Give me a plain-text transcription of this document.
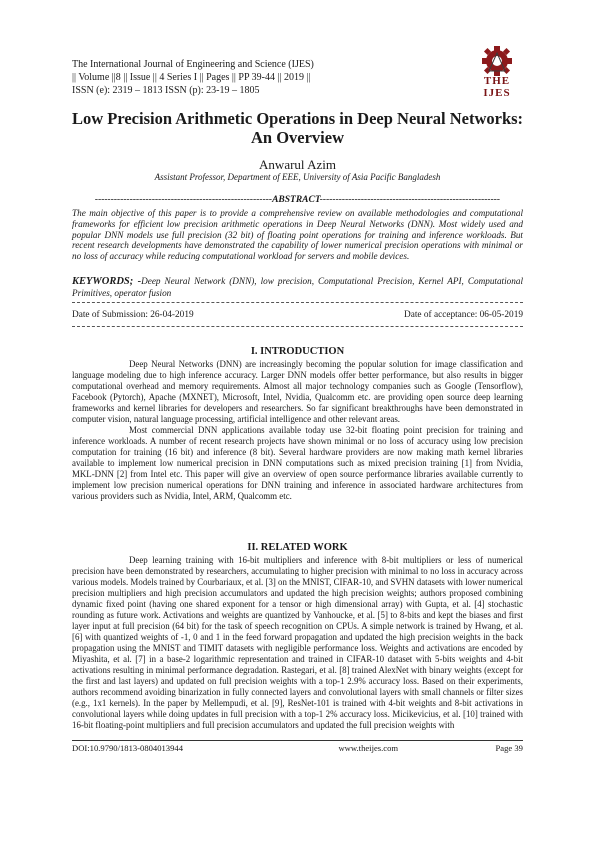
The International Journal of Engineering and Science (IJES)
|| Volume ||8 || Issue || 4 Series I || Pages || PP 39-44 || 2019 ||
ISSN (e): 2319 – 1813 ISSN (p): 23-19 – 1805
THE IJES
Low Precision Arithmetic Operations in Deep Neural Networks:
An Overview
Anwarul Azim
Assistant Professor, Department of EEE, University of Asia Pacific Bangladesh
--------------------------------------------------------ABSTRACT---------------------------------------------------------
The main objective of this paper is to provide a comprehensive review on available methodologies and computational frameworks for efficient low precision arithmetic operations in Deep Neural Networks (DNN). Most widely used and popular DNN models use full precision (32 bit) of floating point operations for training and inference workloads. But recent research developments have demonstrated the capability of lower numerical precision operations with minimal or no loss of accuracy while reducing computational workload for servers and mobile devices.
KEYWORDS; -Deep Neural Network (DNN), low precision, Computational Precision, Kernel API, Computational Primitives, operator fusion
Date of Submission: 26-04-2019	Date of acceptance: 06-05-2019
I. INTRODUCTION

Deep Neural Networks (DNN) are increasingly becoming the popular solution for image classification and language modeling due to high inference accuracy. Larger DNN models offer better performance, but also results in bigger computational overhead and memory requirements. Almost all major technology companies such as Google (Tensorflow), Facebook (Pytorch), Apache (MXNET), Microsoft, Intel, Nvidia, Qualcomm etc. are providing open source deep learning frameworks and kernel libraries for developers and researchers. So far significant breakthroughs have been demonstrated in computer vision, natural language processing, artificial intelligence and other relevant areas.

Most commercial DNN applications available today use 32-bit floating point precision for training and inference workloads. A number of recent research projects have shown minimal or no loss of accuracy using low precision computation for training (16 bit) and inference (8 bit). Several hardware providers are now making math kernel libraries available to implement low numerical precision in DNN computations such as mixed precision training [1] from Nvidia, MKL-DNN [2] from Intel etc. This paper will give an overview of open source performance libraries available currently to implement low precision numerical operations for DNN training and inference in associated hardware architectures from various providers such as Nvidia, Intel, ARM, Qualcomm etc.

II. RELATED WORK

Deep learning training with 16-bit multipliers and inference with 8-bit multipliers or less of numerical precision have been demonstrated by researchers, accumulating to higher precision with minimal to no loss in accuracy across various models. Models trained by Courbariaux, et al. [3] on the MNIST, CIFAR-10, and SVHN datasets with lower numerical precision multipliers and high precision accumulators and updated the high precision weights; authors proposed combining dynamic fixed point (having one shared exponent for a tensor or high dimensional array) with Gupta, et al. [4] stochastic rounding as future work. Activations and weights are quantized by Vanhoucke, et al. [5] to 8-bits and kept the biases and first layer input at full precision (64 bit) for the task of speech recognition on CPUs. A simple network is trained by Hwang, et al. [6] with quantized weights of -1, 0 and 1 in the feed forward propagation and updated the high precision weights in the back propagation using the MNIST and TIMIT datasets with negligible performance loss. Weights and activations are encoded by Miyashita, et al. [7] in a base-2 logarithmic representation and trained in CIFAR-10 dataset with 5-bits weights and 4-bit activations resulting in minimal performance degradation. Rastegari, et al. [8] trained AlexNet with binary weights (except for the first and last layers) and updated on full precision weights with a top-1 2.9% accuracy loss. Based on their experiments, authors recommend avoiding binarization in fully connected layers and convolutional layers with small channels or filter sizes (e.g., 1x1 kernels). In the paper by Mellempudi, et al. [9], ResNet-101 is trained with 4-bit weights and 8-bit activations in convolutional layers while doing updates in full precision with a top-1 2% accuracy loss. Micikevicius, et al. [10] trained with 16-bit floating-point multipliers and full precision accumulators and updated the full precision weights with

DOI:10.9790/1813-0804013944	www.theijes.com	Page 39
